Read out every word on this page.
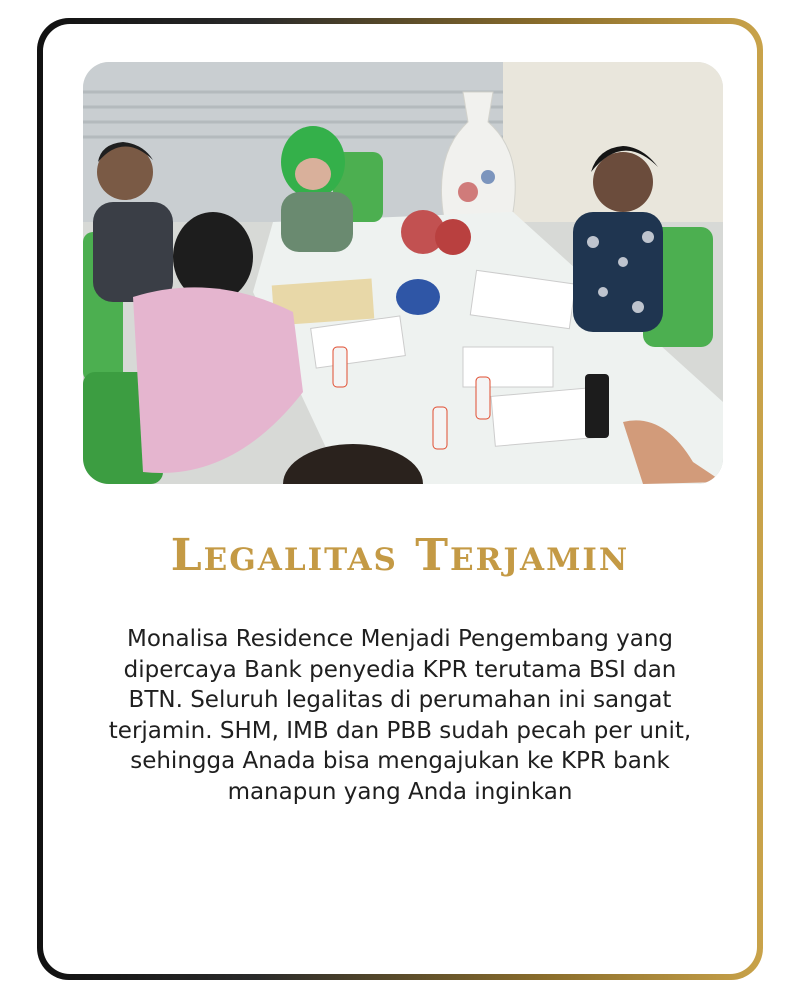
Legalitas Terjamin
Monalisa Residence Menjadi Pengembang yang dipercaya Bank penyedia KPR terutama BSI dan BTN. Seluruh legalitas di perumahan ini sangat terjamin. SHM, IMB dan PBB sudah pecah per unit, sehingga Anada bisa mengajukan ke KPR bank manapun yang Anda inginkan
